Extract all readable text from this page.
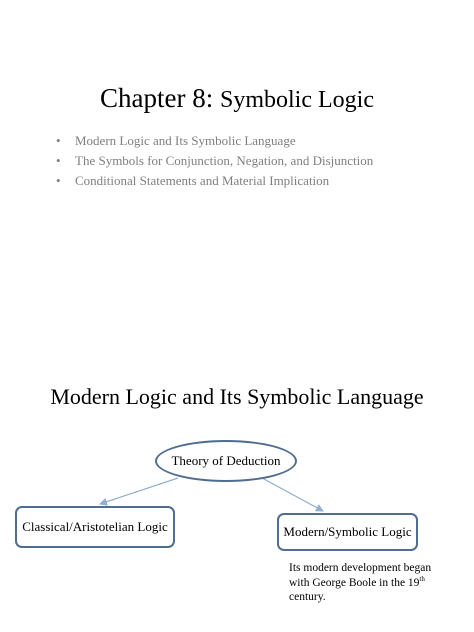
Chapter 8: Symbolic Logic
• Modern Logic and Its Symbolic Language
• The Symbols for Conjunction, Negation, and Disjunction
• Conditional Statements and Material Implication
Modern Logic and Its Symbolic Language
Theory of Deduction
Classical/Aristotelian Logic	Modern/Symbolic Logic
Its modern development began
with George Boole in the 19th
century.
